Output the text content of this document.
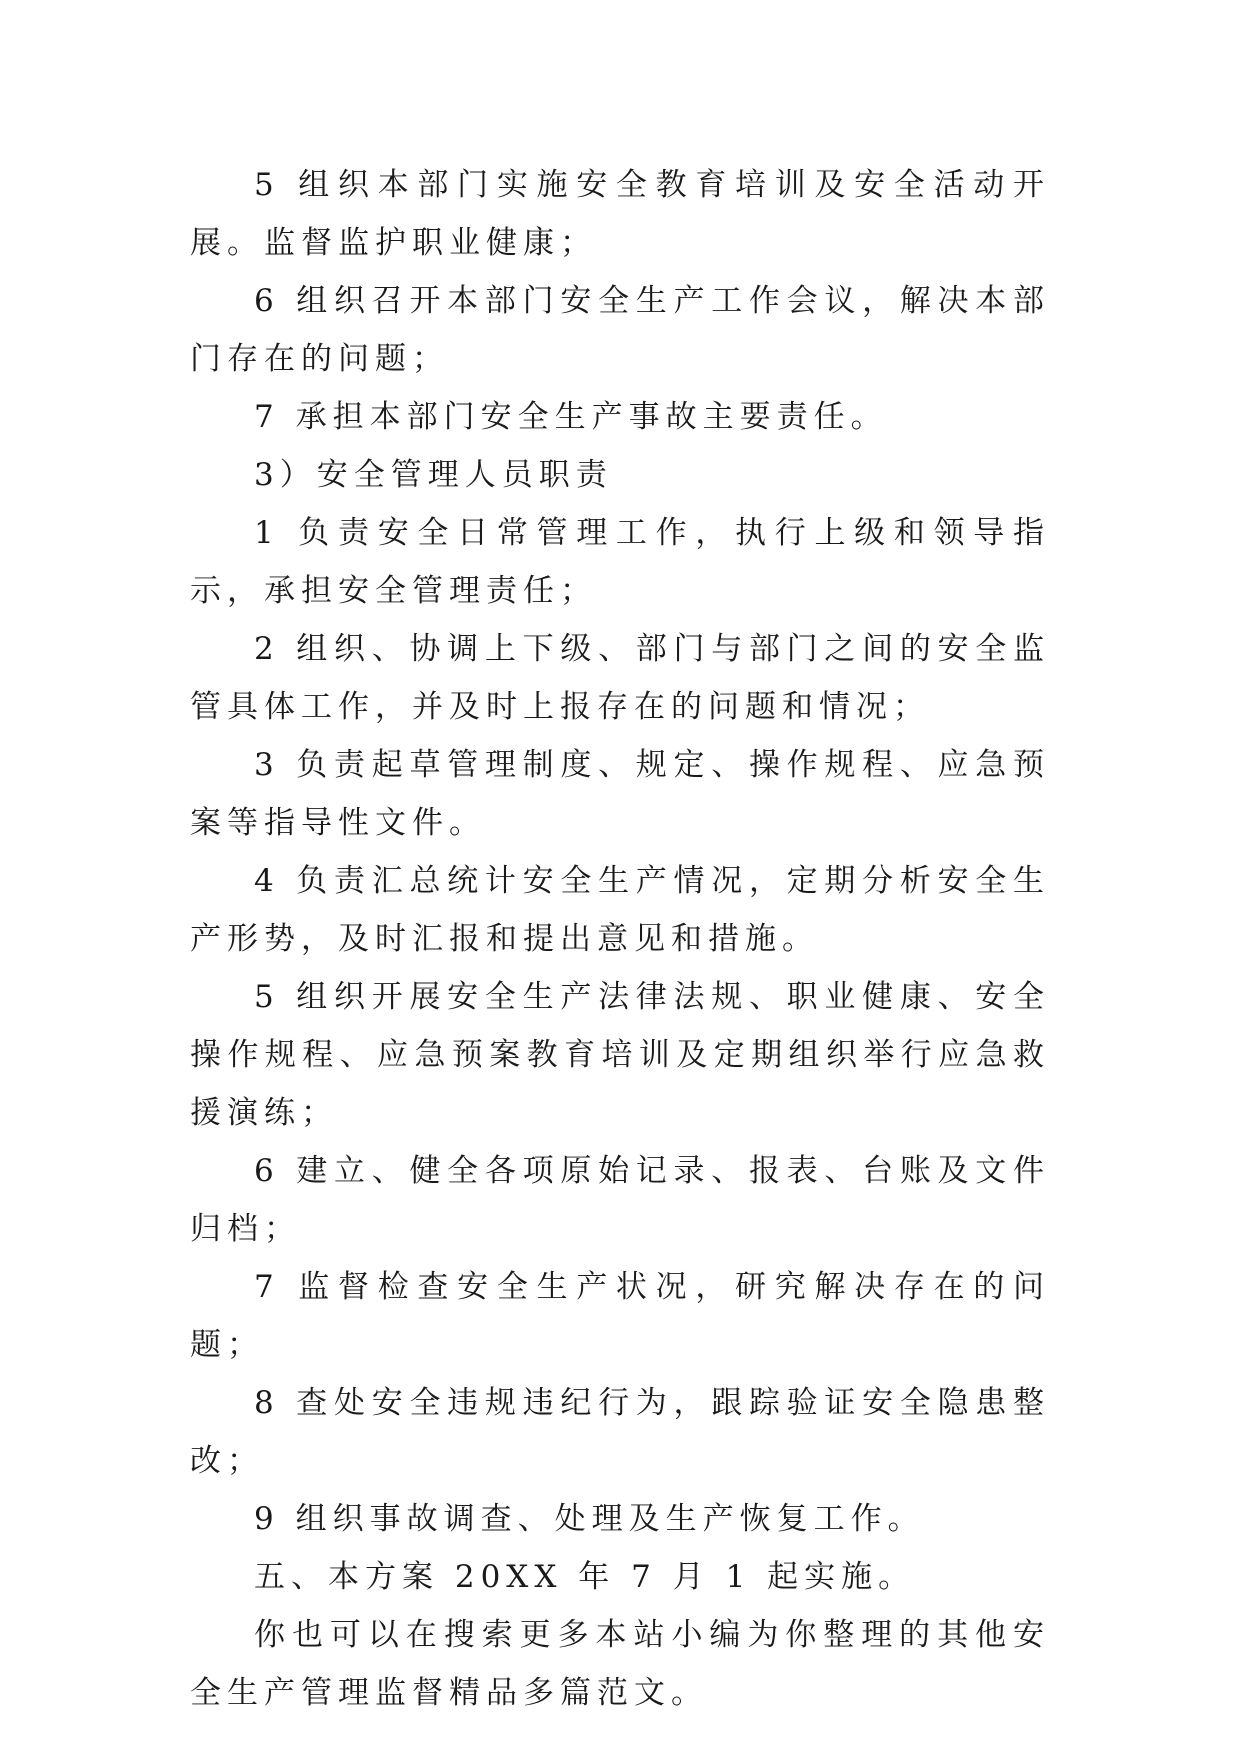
5 组织本部门实施安全教育培训及安全活动开展。监督监护职业健康；

6 组织召开本部门安全生产工作会议，解决本部门存在的问题；

7 承担本部门安全生产事故主要责任。

3）安全管理人员职责

1 负责安全日常管理工作，执行上级和领导指示，承担安全管理责任；

2 组织、协调上下级、部门与部门之间的安全监管具体工作，并及时上报存在的问题和情况；

3 负责起草管理制度、规定、操作规程、应急预案等指导性文件。

4 负责汇总统计安全生产情况，定期分析安全生产形势，及时汇报和提出意见和措施。

5 组织开展安全生产法律法规、职业健康、安全操作规程、应急预案教育培训及定期组织举行应急救援演练；

6 建立、健全各项原始记录、报表、台账及文件归档；

7 监督检查安全生产状况，研究解决存在的问题；

8 查处安全违规违纪行为，跟踪验证安全隐患整改；

9 组织事故调查、处理及生产恢复工作。

五、本方案 20XX 年 7 月 1 起实施。

你也可以在搜索更多本站小编为你整理的其他安全生产管理监督精品多篇范文。
